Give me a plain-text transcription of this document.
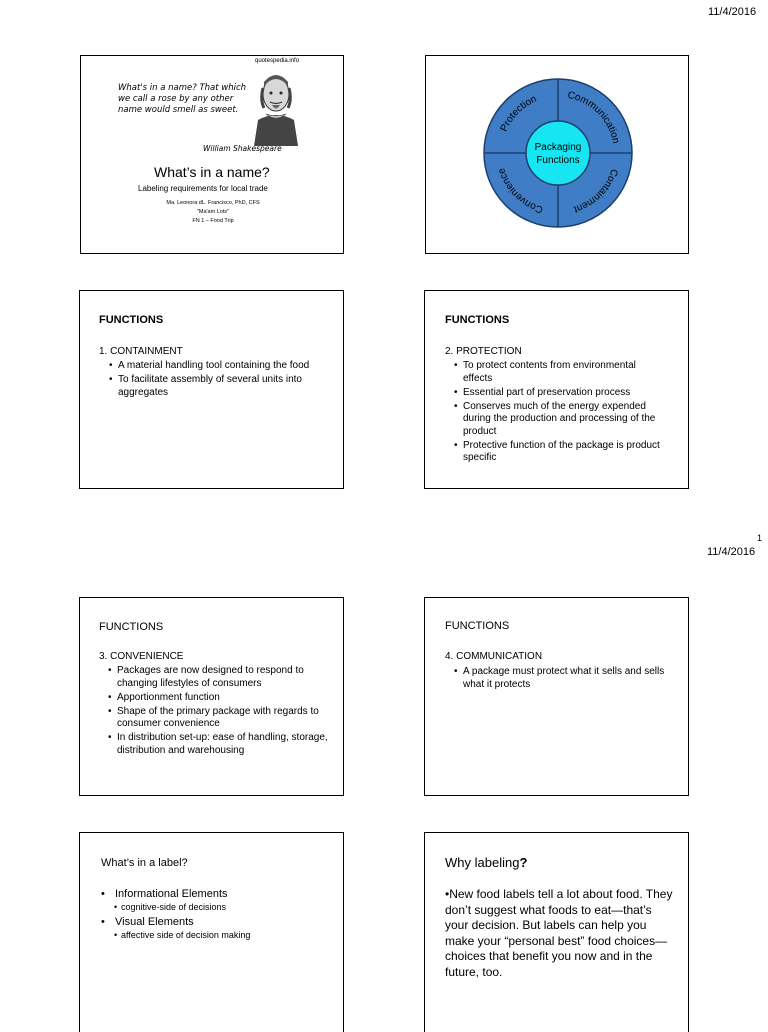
11/4/2016
1
11/4/2016
quotespedia.info
What's in a name? That which
we call a rose by any other
name would smell as sweet.
William Shakespeare
What’s in a name?
Labeling requirements for local trade
Ma. Leonora dL. Francisco, PhD, CFS
"Ma'am Lots"
FN 1 – Food Trip
Protection	Communication
Convenience	Containment
Packaging
Functions
FUNCTIONS
1. CONTAINMENT
• A material handling tool containing the food
• To facilitate assembly of several units into aggregates
FUNCTIONS
2. PROTECTION
• To protect contents from environmental effects
• Essential part of preservation process
• Conserves much of the energy expended during the production and processing of the product
• Protective function of the package is product specific
FUNCTIONS
3. CONVENIENCE
• Packages are now designed to respond to changing lifestyles of consumers
• Apportionment function
• Shape of the primary package with regards to consumer convenience
• In distribution set-up: ease of handling, storage, distribution and warehousing
FUNCTIONS
4. COMMUNICATION
• A package must protect what it sells and sells what it protects
What’s in a label?
• Informational Elements
• cognitive-side of decisions
• Visual Elements
• affective side of decision making
Why labeling?
•New food labels tell a lot about food. They don’t suggest what foods to eat—that’s your decision. But labels can help you make your “personal best” food choices—choices that benefit you now and in the future, too.
